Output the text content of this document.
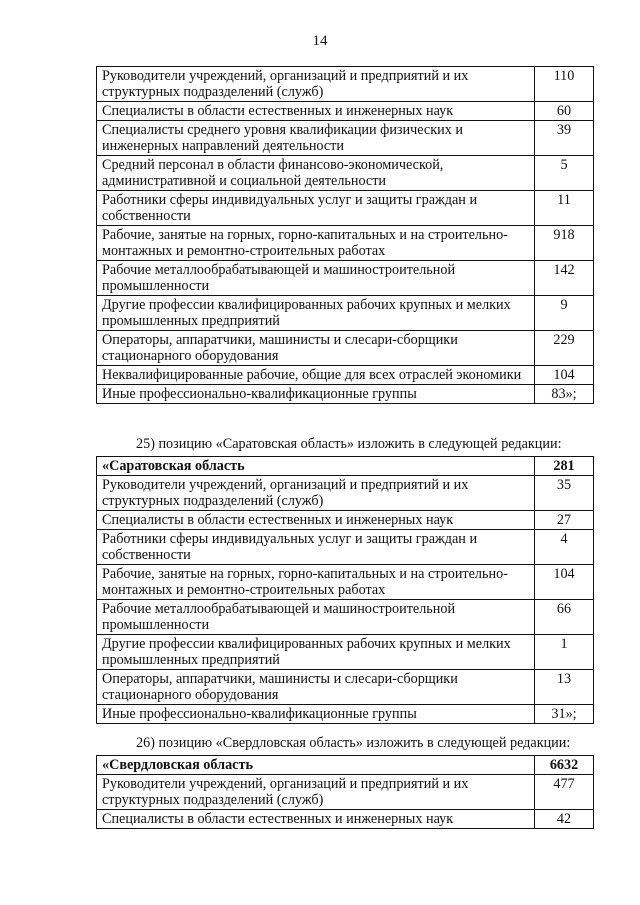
14
Руководители учреждений, организаций и предприятий и их структурных подразделений (служб)	110
Специалисты в области естественных и инженерных наук	60
Специалисты среднего уровня квалификации физических и инженерных направлений деятельности	39
Средний персонал в области финансово-экономической, административной и социальной деятельности	5
Работники сферы индивидуальных услуг и защиты граждан и собственности	11
Рабочие, занятые на горных, горно-капитальных и на строительно-монтажных и ремонтно-строительных работах	918
Рабочие металлообрабатывающей и машиностроительной промышленности	142
Другие профессии квалифицированных рабочих крупных и мелких промышленных предприятий	9
Операторы, аппаратчики, машинисты и слесари-сборщики стационарного оборудования	229
Неквалифицированные рабочие, общие для всех отраслей экономики	104
Иные профессионально-квалификационные группы	83»;
25) позицию «Саратовская область» изложить в следующей редакции:
«Саратовская область	281
Руководители учреждений, организаций и предприятий и их структурных подразделений (служб)	35
Специалисты в области естественных и инженерных наук	27
Работники сферы индивидуальных услуг и защиты граждан и собственности	4
Рабочие, занятые на горных, горно-капитальных и на строительно-монтажных и ремонтно-строительных работах	104
Рабочие металлообрабатывающей и машиностроительной промышленности	66
Другие профессии квалифицированных рабочих крупных и мелких промышленных предприятий	1
Операторы, аппаратчики, машинисты и слесари-сборщики стационарного оборудования	13
Иные профессионально-квалификационные группы	31»;
26) позицию «Свердловская область» изложить в следующей редакции:
«Свердловская область	6632
Руководители учреждений, организаций и предприятий и их структурных подразделений (служб)	477
Специалисты в области естественных и инженерных наук	42
